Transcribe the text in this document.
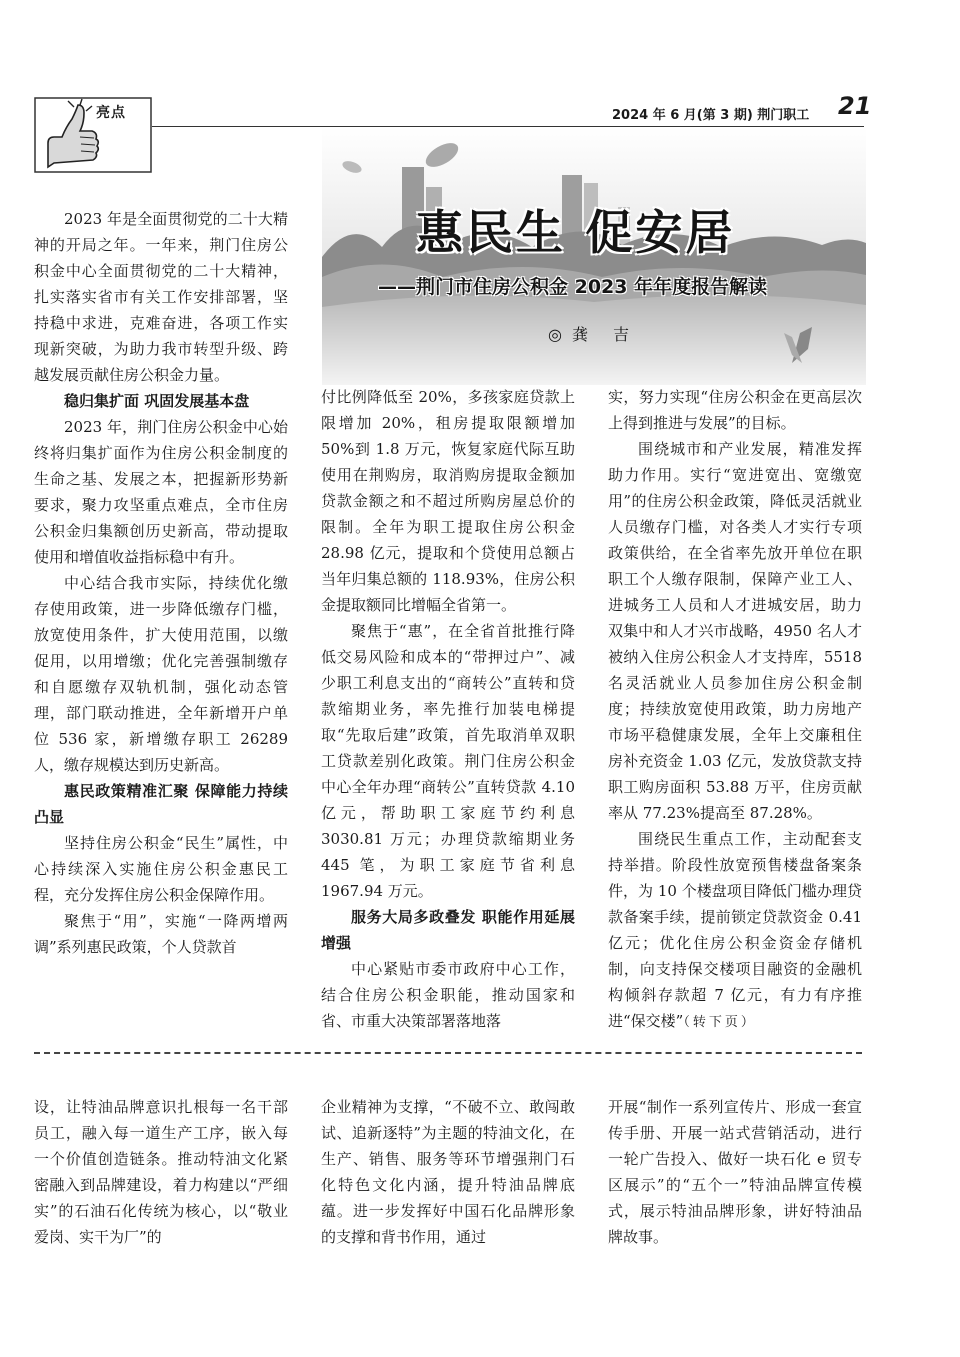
亮点	2024 年 6 月(第 3 期) 荆门职工 21
惠民生 促安居
——荆门市住房公积金 2023 年年度报告解读
◎龚 吉

2023 年是全面贯彻党的二十大精神的开局之年。一年来，荆门住房公积金中心全面贯彻党的二十大精神，扎实落实省市有关工作安排部署，坚持稳中求进，克难奋进，各项工作实现新突破，为助力我市转型升级、跨越发展贡献住房公积金力量。

稳归集扩面 巩固发展基本盘

2023 年，荆门住房公积金中心始终将归集扩面作为住房公积金制度的生命之基、发展之本，把握新形势新要求，聚力攻坚重点难点，全市住房公积金归集额创历史新高，带动提取使用和增值收益指标稳中有升。

中心结合我市实际，持续优化缴存使用政策，进一步降低缴存门槛，放宽使用条件，扩大使用范围，以缴促用，以用增缴；优化完善强制缴存和自愿缴存双轨机制，强化动态管理，部门联动推进，全年新增开户单位 536 家，新增缴存职工 26289 人，缴存规模达到历史新高。

惠民政策精准汇聚 保障能力持续凸显

坚持住房公积金“民生”属性，中心持续深入实施住房公积金惠民工程，充分发挥住房公积金保障作用。

聚焦于“用”，实施“一降两增两调”系列惠民政策，个人贷款首

付比例降低至 20%，多孩家庭贷款上限增加 20%，租房提取限额增加 50%到 1.8 万元，恢复家庭代际互助使用在荆购房，取消购房提取金额加贷款金额之和不超过所购房屋总价的限制。全年为职工提取住房公积金 28.98 亿元，提取和个贷使用总额占当年归集总额的 118.93%，住房公积金提取额同比增幅全省第一。

聚焦于“惠”，在全省首批推行降低交易风险和成本的“带押过户”、减少职工利息支出的“商转公”直转和贷款缩期业务，率先推行加装电梯提取“先取后建”政策，首先取消单双职工贷款差别化政策。荆门住房公积金中心全年办理“商转公”直转贷款 4.10 亿元，帮助职工家庭节约利息 3030.81 万元；办理贷款缩期业务 445 笔，为职工家庭节省利息 1967.94 万元。

服务大局多政叠发 职能作用延展增强

中心紧贴市委市政府中心工作，结合住房公积金职能，推动国家和省、市重大决策部署落地落

实，努力实现“住房公积金在更高层次上得到推进与发展”的目标。

围绕城市和产业发展，精准发挥助力作用。实行“宽进宽出、宽缴宽用”的住房公积金政策，降低灵活就业人员缴存门槛，对各类人才实行专项政策供给，在全省率先放开单位在职职工个人缴存限制，保障产业工人、进城务工人员和人才进城安居，助力双集中和人才兴市战略，4950 名人才被纳入住房公积金人才支持库，5518 名灵活就业人员参加住房公积金制度；持续放宽使用政策，助力房地产市场平稳健康发展，全年上交廉租住房补充资金 1.03 亿元，发放贷款支持职工购房面积 53.88 万平，住房贡献率从 77.23%提高至 87.28%。

围绕民生重点工作，主动配套支持举措。阶段性放宽预售楼盘备案条件，为 10 个楼盘项目降低门槛办理贷款备案手续，提前锁定贷款资金 0.41 亿元；优化住房公积金资金存储机制，向支持保交楼项目融资的金融机构倾斜存款超 7 亿元，有力有序推进“保交楼”（转下页）

设，让特油品牌意识扎根每一名干部员工，融入每一道生产工序，嵌入每一个价值创造链条。推动特油文化紧密融入到品牌建设，着力构建以“严细实”的石油石化传统为核心，以“敬业爱岗、实干为厂”的

企业精神为支撑，“不破不立、敢闯敢试、追新逐特”为主题的特油文化，在生产、销售、服务等环节增强荆门石化特色文化内涵，提升特油品牌底蕴。进一步发挥好中国石化品牌形象的支撑和背书作用，通过

开展“制作一系列宣传片、形成一套宣传手册、开展一站式营销活动，进行一轮广告投入、做好一块石化 e 贸专区展示”的“五个一”特油品牌宣传模式，展示特油品牌形象，讲好特油品牌故事。
